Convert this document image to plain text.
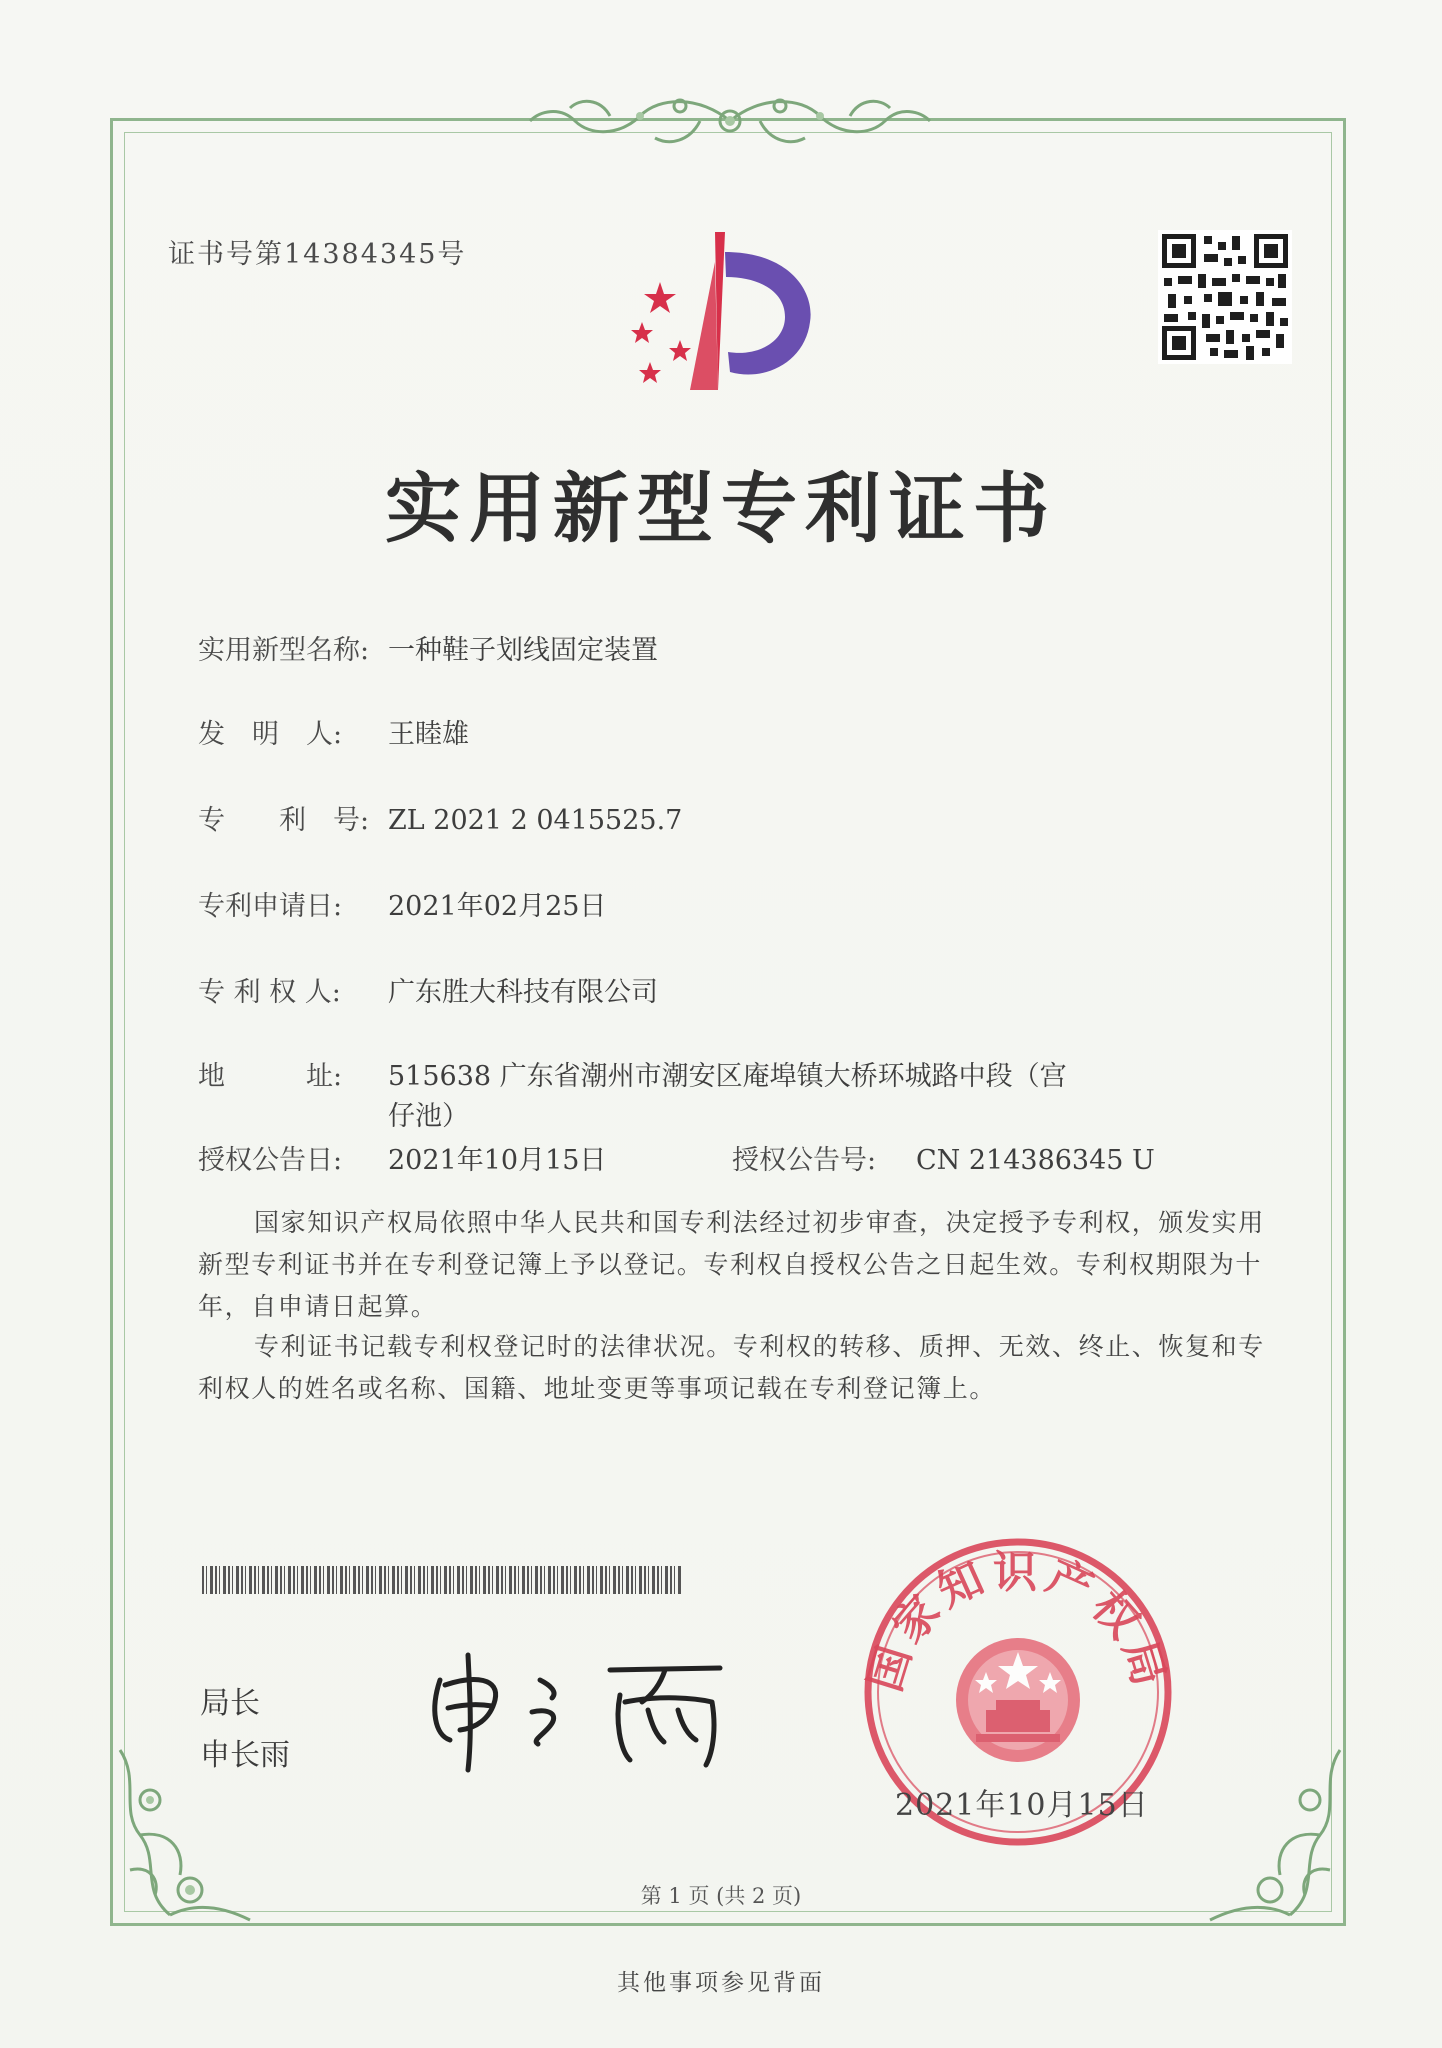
证书号第14384345号
实用新型专利证书
实用新型名称: 一种鞋子划线固定装置
发　明　人: 王睦雄
专　　利　号: ZL 2021 2 0415525.7
专利申请日: 2021年02月25日
专 利 权 人: 广东胜大科技有限公司
地　　　址: 515638 广东省潮州市潮安区庵埠镇大桥环城路中段（宫
仔池）
授权公告日: 2021年10月15日	授权公告号: CN 214386345 U
国家知识产权局依照中华人民共和国专利法经过初步审查，决定授予专利权，颁发实用新型专利证书并在专利登记簿上予以登记。专利权自授权公告之日起生效。专利权期限为十年，自申请日起算。
专利证书记载专利权登记时的法律状况。专利权的转移、质押、无效、终止、恢复和专利权人的姓名或名称、国籍、地址变更等事项记载在专利登记簿上。
局长
申长雨
国家知识产权局
2021年10月15日
第 1 页 (共 2 页)
其他事项参见背面
